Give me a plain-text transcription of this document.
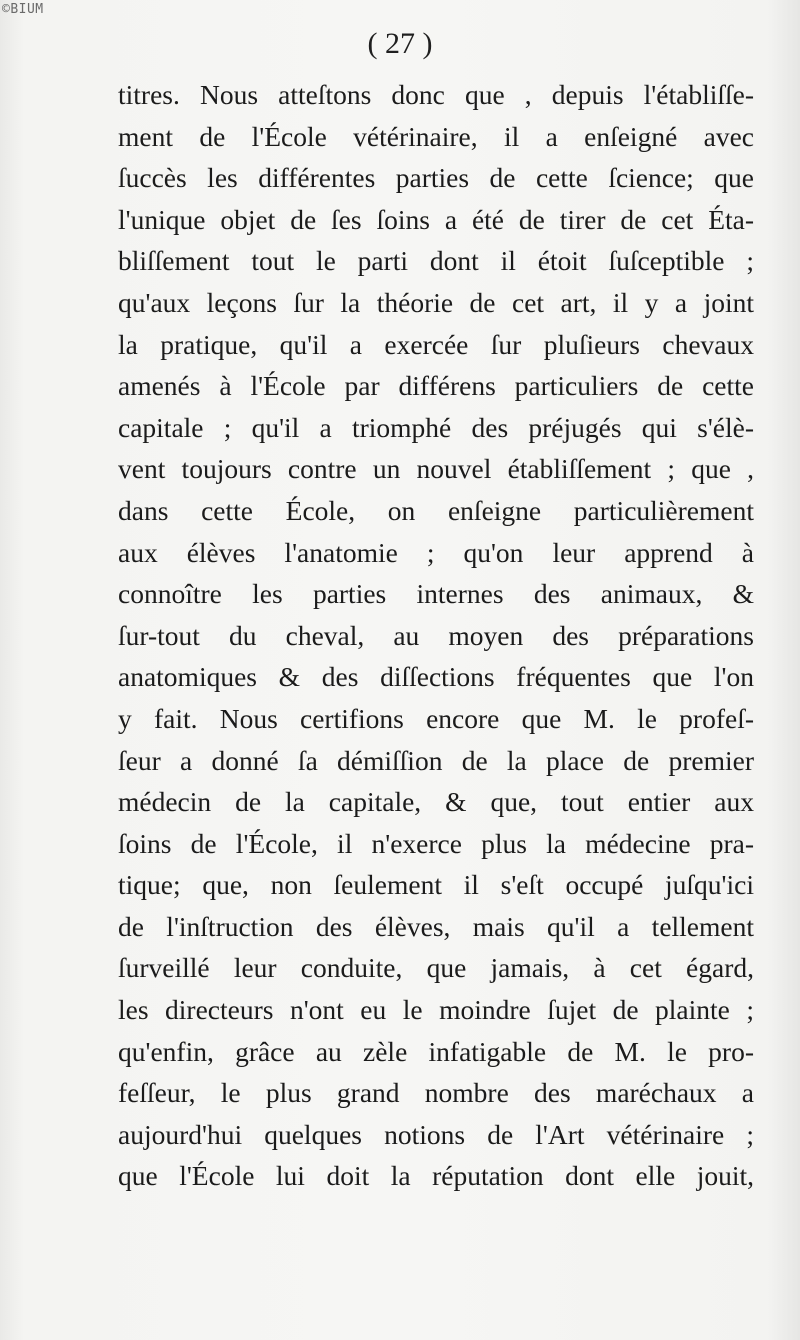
©BIUM
( 27 )
titres. Nous atteſtons donc que , depuis l'établiſſe-
ment de l'École vétérinaire, il a enſeigné avec
ſuccès les différentes parties de cette ſcience; que
l'unique objet de ſes ſoins a été de tirer de cet Éta-
bliſſement tout le parti dont il étoit ſuſceptible ;
qu'aux leçons ſur la théorie de cet art, il y a joint
la pratique, qu'il a exercée ſur pluſieurs chevaux
amenés à l'École par différens particuliers de cette
capitale ; qu'il a triomphé des préjugés qui s'élè-
vent toujours contre un nouvel établiſſement ; que ,
dans cette École, on enſeigne particulièrement
aux élèves l'anatomie ; qu'on leur apprend à
connoître les parties internes des animaux, &
ſur-tout du cheval, au moyen des préparations
anatomiques & des diſſections fréquentes que l'on
y fait. Nous certifions encore que M. le profeſ-
ſeur a donné ſa démiſſion de la place de premier
médecin de la capitale, & que, tout entier aux
ſoins de l'École, il n'exerce plus la médecine pra-
tique; que, non ſeulement il s'eſt occupé juſqu'ici
de l'inſtruction des élèves, mais qu'il a tellement
ſurveillé leur conduite, que jamais, à cet égard,
les directeurs n'ont eu le moindre ſujet de plainte ;
qu'enfin, grâce au zèle infatigable de M. le pro-
feſſeur, le plus grand nombre des maréchaux a
aujourd'hui quelques notions de l'Art vétérinaire ;
que l'École lui doit la réputation dont elle jouit,
